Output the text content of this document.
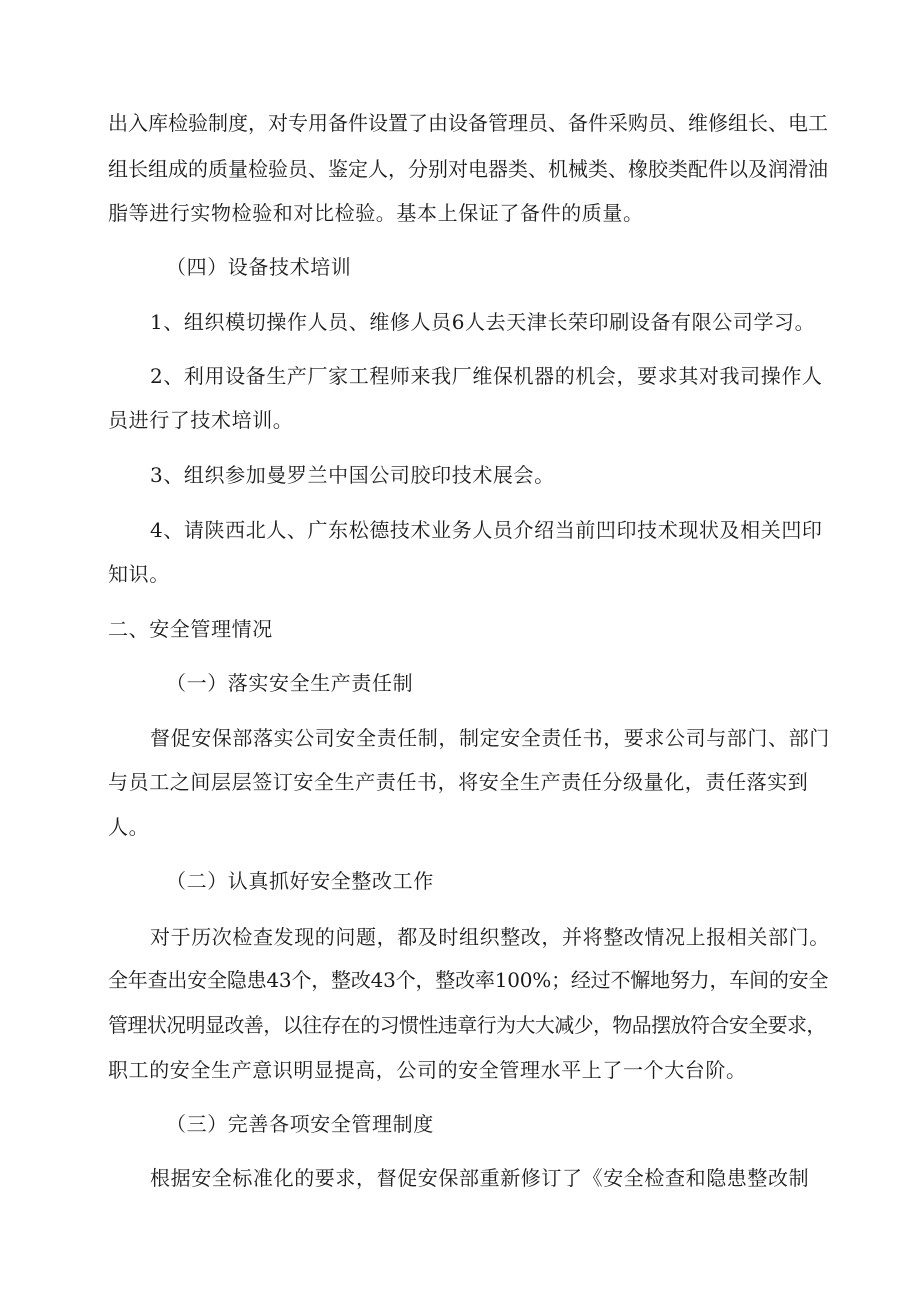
出入库检验制度，对专用备件设置了由设备管理员、备件采购员、维修组长、电工
组长组成的质量检验员、鉴定人，分别对电器类、机械类、橡胶类配件以及润滑油
脂等进行实物检验和对比检验。基本上保证了备件的质量。
（四）设备技术培训
1、组织模切操作人员、维修人员6人去天津长荣印刷设备有限公司学习。
2、利用设备生产厂家工程师来我厂维保机器的机会，要求其对我司操作人
员进行了技术培训。
3、组织参加曼罗兰中国公司胶印技术展会。
4、请陕西北人、广东松德技术业务人员介绍当前凹印技术现状及相关凹印
知识。
二、安全管理情况
（一）落实安全生产责任制
督促安保部落实公司安全责任制，制定安全责任书，要求公司与部门、部门
与员工之间层层签订安全生产责任书，将安全生产责任分级量化，责任落实到
人。
（二）认真抓好安全整改工作
对于历次检查发现的问题，都及时组织整改，并将整改情况上报相关部门。
全年查出安全隐患43个，整改43个，整改率100%；经过不懈地努力，车间的安全
管理状况明显改善，以往存在的习惯性违章行为大大减少，物品摆放符合安全要求，
职工的安全生产意识明显提高，公司的安全管理水平上了一个大台阶。
（三）完善各项安全管理制度
根据安全标准化的要求，督促安保部重新修订了《安全检查和隐患整改制
